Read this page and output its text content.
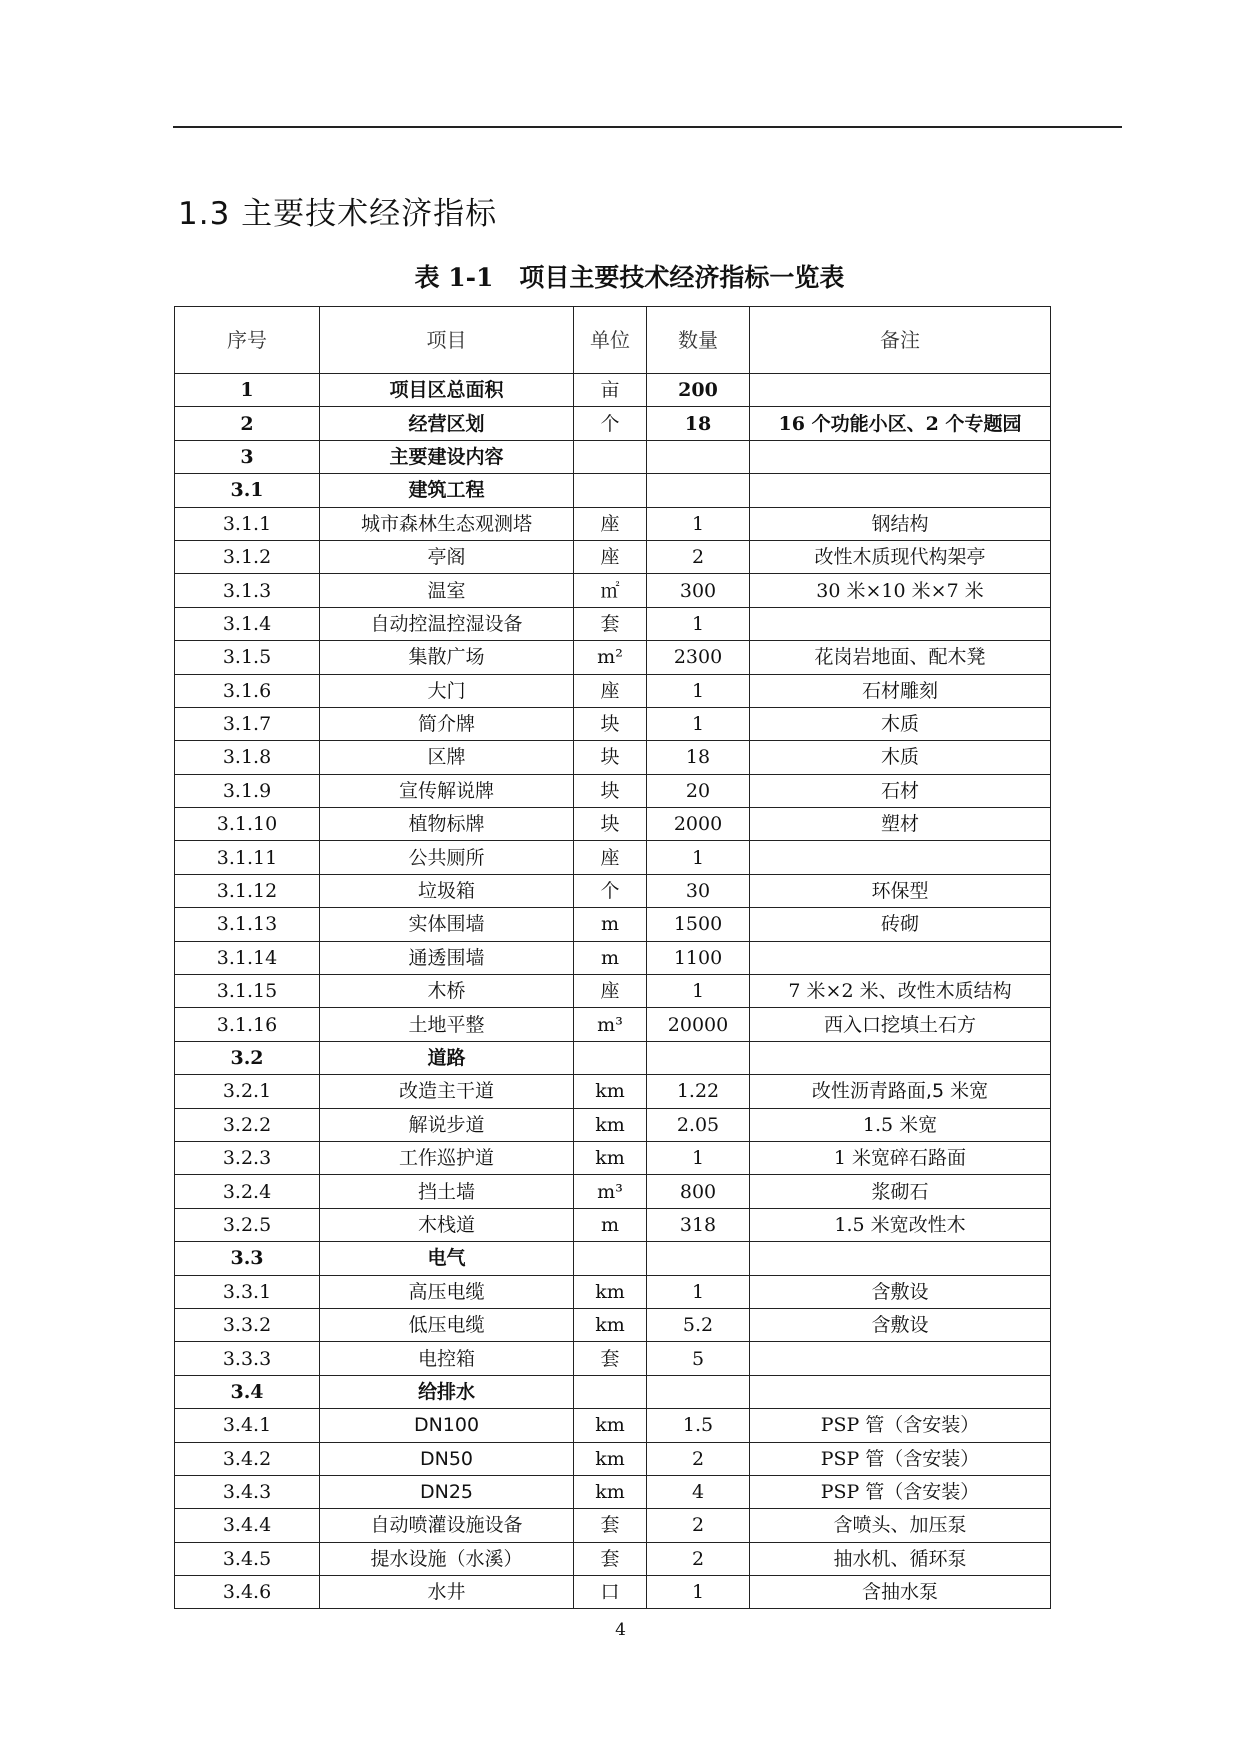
1.3 主要技术经济指标
表 1-1 项目主要技术经济指标一览表
序号	项目	单位	数量	备注
1	项目区总面积	亩	200	
2	经营区划	个	18	16 个功能小区、2 个专题园
3	主要建设内容			
3.1	建筑工程			
3.1.1	城市森林生态观测塔	座	1	钢结构
3.1.2	亭阁	座	2	改性木质现代构架亭
3.1.3	温室	㎡	300	30 米×10 米×7 米
3.1.4	自动控温控湿设备	套	1	
3.1.5	集散广场	m²	2300	花岗岩地面、配木凳
3.1.6	大门	座	1	石材雕刻
3.1.7	简介牌	块	1	木质
3.1.8	区牌	块	18	木质
3.1.9	宣传解说牌	块	20	石材
3.1.10	植物标牌	块	2000	塑材
3.1.11	公共厕所	座	1	
3.1.12	垃圾箱	个	30	环保型
3.1.13	实体围墙	m	1500	砖砌
3.1.14	通透围墙	m	1100	
3.1.15	木桥	座	1	7 米×2 米、改性木质结构
3.1.16	土地平整	m³	20000	西入口挖填土石方
3.2	道路			
3.2.1	改造主干道	km	1.22	改性沥青路面,5 米宽
3.2.2	解说步道	km	2.05	1.5 米宽
3.2.3	工作巡护道	km	1	1 米宽碎石路面
3.2.4	挡土墙	m³	800	浆砌石
3.2.5	木栈道	m	318	1.5 米宽改性木
3.3	电气			
3.3.1	高压电缆	km	1	含敷设
3.3.2	低压电缆	km	5.2	含敷设
3.3.3	电控箱	套	5	
3.4	给排水			
3.4.1	DN100	km	1.5	PSP 管（含安装）
3.4.2	DN50	km	2	PSP 管（含安装）
3.4.3	DN25	km	4	PSP 管（含安装）
3.4.4	自动喷灌设施设备	套	2	含喷头、加压泵
3.4.5	提水设施（水溪）	套	2	抽水机、循环泵
3.4.6	水井	口	1	含抽水泵
4
